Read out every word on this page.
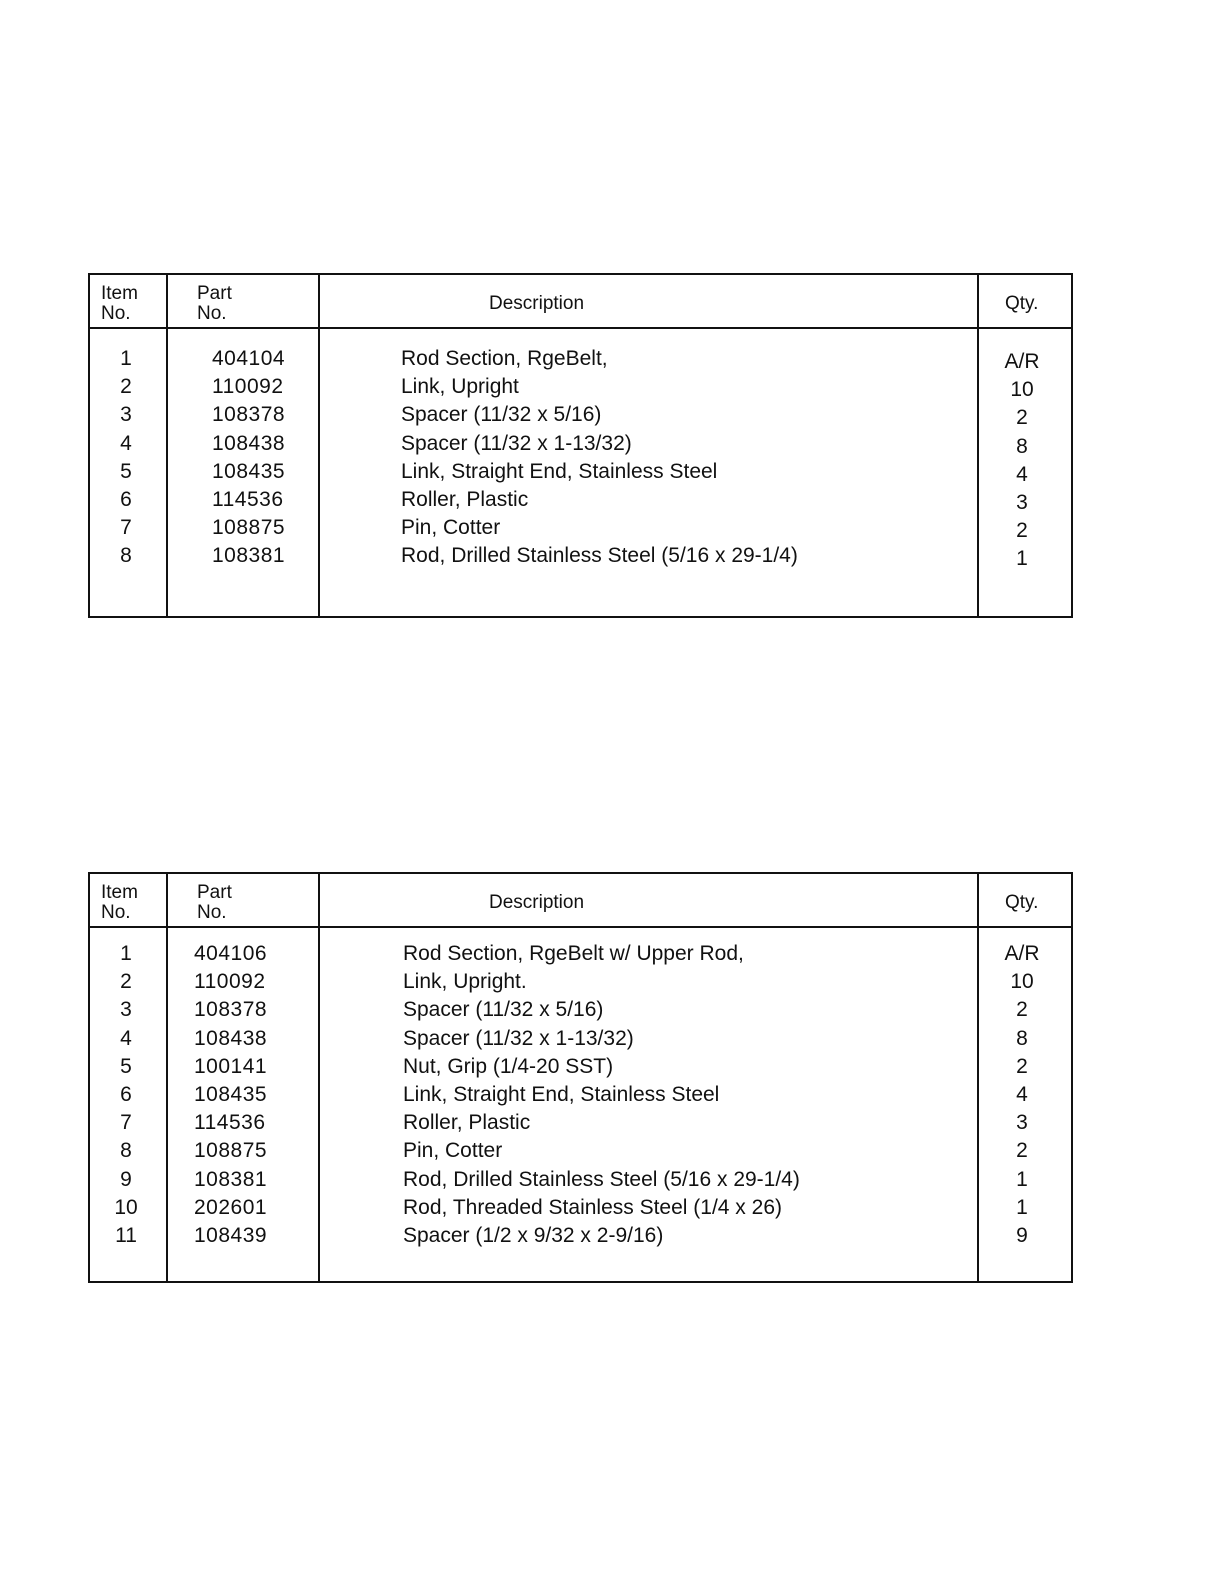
Item
No.
Part
No.	Description	Qty.
1	404104	Rod Section, RgeBelt,	A/R
2	110092	Link, Upright	10
3	108378	Spacer (11/32 x 5/16)	2
4	108438	Spacer (11/32 x 1-13/32)	8
5	108435	Link, Straight End, Stainless Steel	4
6	114536	Roller, Plastic	3
7	108875	Pin, Cotter	2
8	108381	Rod, Drilled Stainless Steel (5/16 x 29-1/4)	1
Item
No.
Part
No.	Description	Qty.
1	404106	Rod Section, RgeBelt w/ Upper Rod,	A/R
2	110092	Link, Upright.	10
3	108378	Spacer (11/32 x 5/16)	2
4	108438	Spacer (11/32 x 1-13/32)	8
5	100141	Nut, Grip (1/4-20 SST)	2
6	108435	Link, Straight End, Stainless Steel	4
7	114536	Roller, Plastic	3
8	108875	Pin, Cotter	2
9	108381	Rod, Drilled Stainless Steel (5/16 x 29-1/4)	1
10	202601	Rod, Threaded Stainless Steel (1/4 x 26)	1
11	108439	Spacer (1/2 x 9/32 x 2-9/16)	9
